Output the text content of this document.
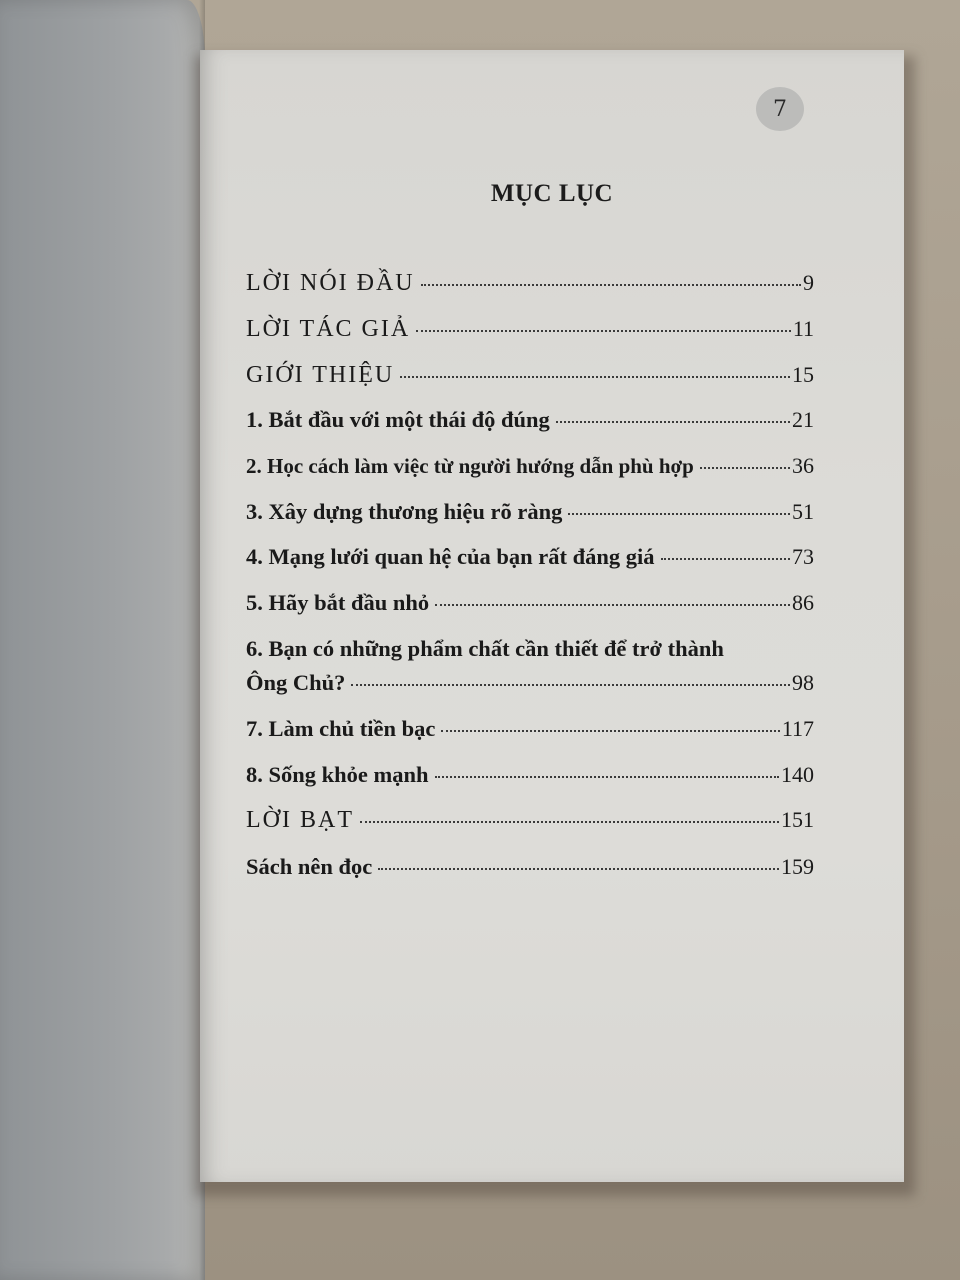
7
MỤC LỤC
LỜI NÓI ĐẦU	9
LỜI TÁC GIẢ	11
GIỚI THIỆU	15
1. Bắt đầu với một thái độ đúng	21
2. Học cách làm việc từ người hướng dẫn phù hợp	36
3. Xây dựng thương hiệu rõ ràng	51
4. Mạng lưới quan hệ của bạn rất đáng giá	73
5. Hãy bắt đầu nhỏ	86
6. Bạn có những phẩm chất cần thiết để trở thành
Ông Chủ?	98
7. Làm chủ tiền bạc	117
8. Sống khỏe mạnh	140
LỜI BẠT	151
Sách nên đọc	159
